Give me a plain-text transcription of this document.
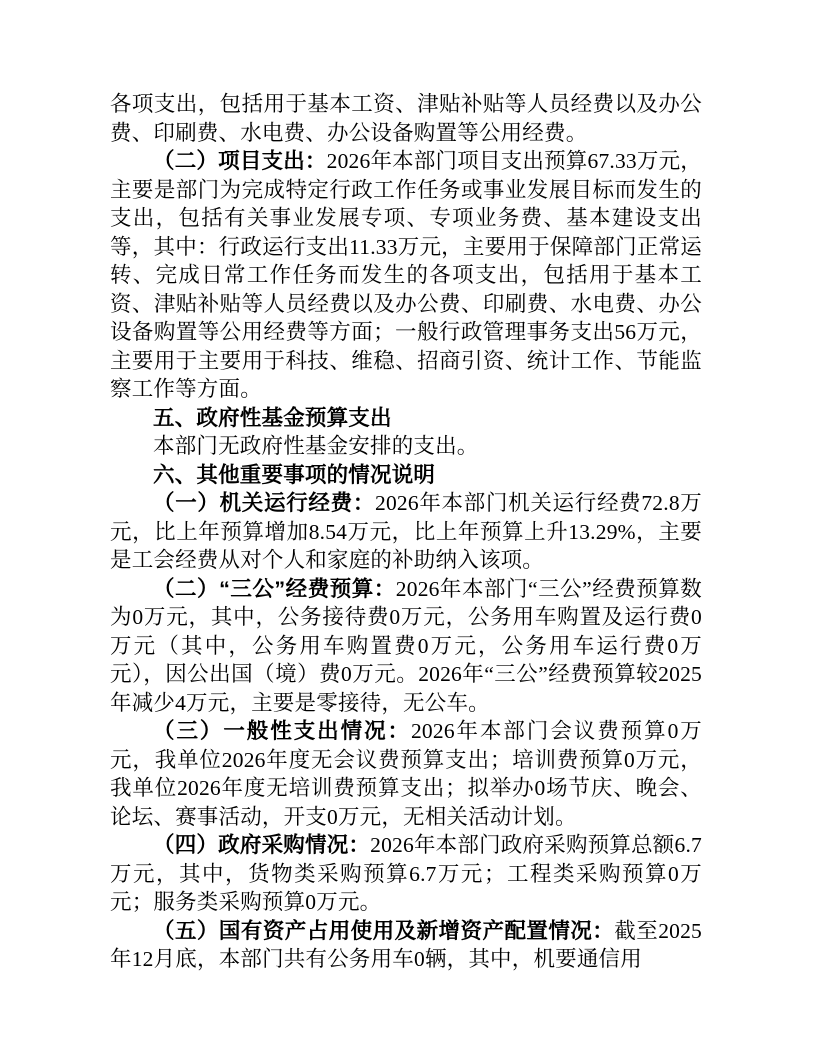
各项支出，包括用于基本工资、津贴补贴等人员经费以及办公费、印刷费、水电费、办公设备购置等公用经费。

（二）项目支出：2026年本部门项目支出预算67.33万元，主要是部门为完成特定行政工作任务或事业发展目标而发生的支出，包括有关事业发展专项、专项业务费、基本建设支出等，其中：行政运行支出11.33万元，主要用于保障部门正常运转、完成日常工作任务而发生的各项支出，包括用于基本工资、津贴补贴等人员经费以及办公费、印刷费、水电费、办公设备购置等公用经费等方面；一般行政管理事务支出56万元，主要用于主要用于科技、维稳、招商引资、统计工作、节能监察工作等方面。

五、政府性基金预算支出

本部门无政府性基金安排的支出。

六、其他重要事项的情况说明

（一）机关运行经费：2026年本部门机关运行经费72.8万元，比上年预算增加8.54万元，比上年预算上升13.29%，主要是工会经费从对个人和家庭的补助纳入该项。

（二）“三公”经费预算：2026年本部门“三公”经费预算数为0万元，其中，公务接待费0万元，公务用车购置及运行费0万元（其中，公务用车购置费0万元，公务用车运行费0万元），因公出国（境）费0万元。2026年“三公”经费预算较2025年减少4万元，主要是零接待，无公车。

（三）一般性支出情况：2026年本部门会议费预算0万元，我单位2026年度无会议费预算支出；培训费预算0万元，我单位2026年度无培训费预算支出；拟举办0场节庆、晚会、论坛、赛事活动，开支0万元，无相关活动计划。

（四）政府采购情况：2026年本部门政府采购预算总额6.7万元，其中，货物类采购预算6.7万元；工程类采购预算0万元；服务类采购预算0万元。

（五）国有资产占用使用及新增资产配置情况：截至2025年12月底，本部门共有公务用车0辆，其中，机要通信用
